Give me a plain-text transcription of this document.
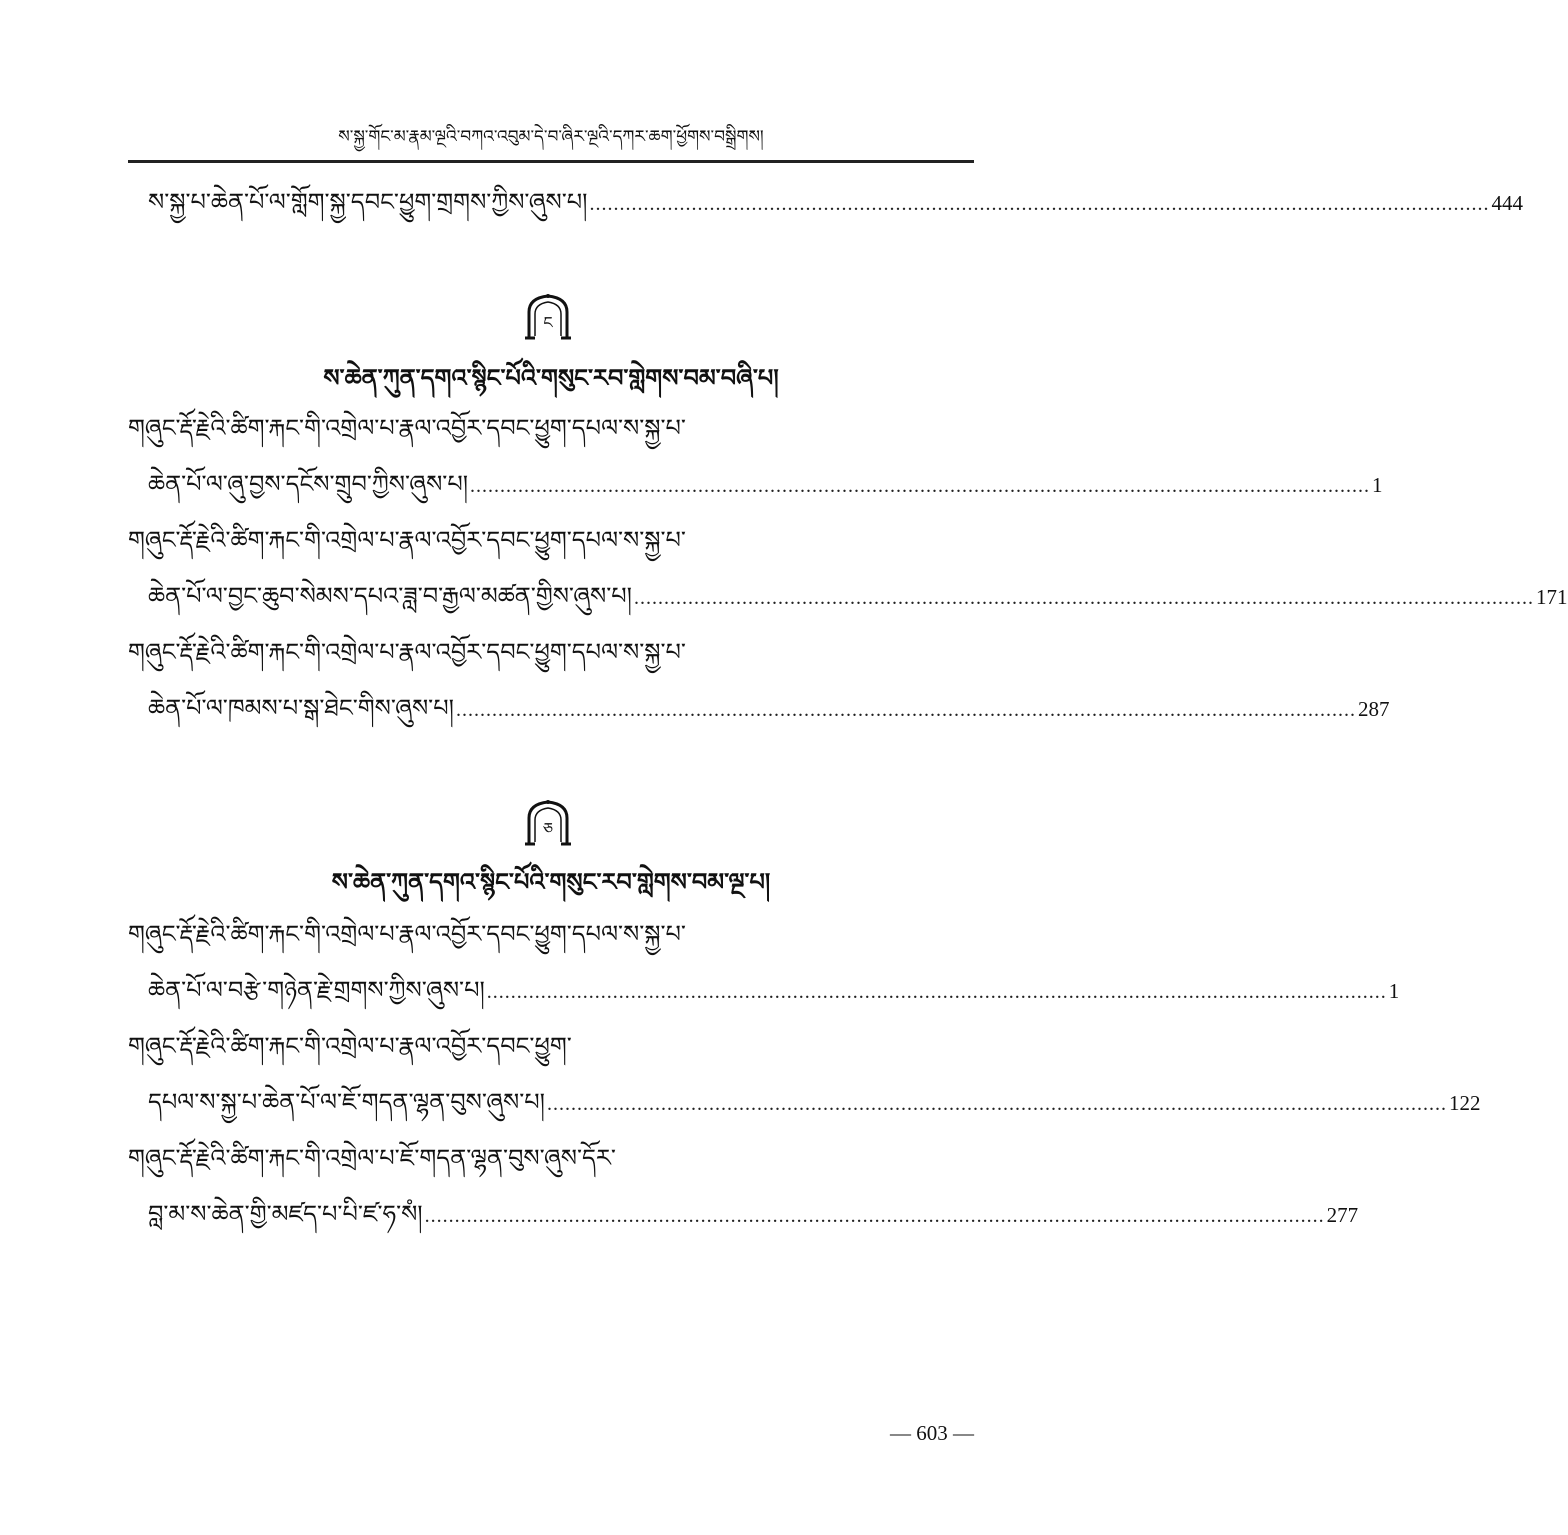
ས་སྐྱ་གོང་མ་རྣམ་ལྔའི་བཀའ་འབུམ་དེ་བ་ཞིར་ལྔའི་དཀར་ཆག་ཕྱོགས་བསྒྲིགས།
ས་སྐྱ་པ་ཆེན་པོ་ལ་གློག་སྐྱ་དབང་ཕྱུག་གྲགས་ཀྱིས་ཞུས་པ། ...................................................................................................................................................... 444
ང
ས་ཆེན་ཀུན་དགའ་སྙིང་པོའི་གསུང་རབ་གླེགས་བམ་བཞི་པ།
གཞུང་རྡོ་རྗེའི་ཚིག་རྐང་གི་འགྲེལ་པ་རྣལ་འབྱོར་དབང་ཕྱུག་དཔལ་ས་སྐྱ་པ་
ཆེན་པོ་ལ་ཞུ་བྱས་དངོས་གྲུབ་ཀྱིས་ཞུས་པ། ...................................................................................................................................................... 1
གཞུང་རྡོ་རྗེའི་ཚིག་རྐང་གི་འགྲེལ་པ་རྣལ་འབྱོར་དབང་ཕྱུག་དཔལ་ས་སྐྱ་པ་
ཆེན་པོ་ལ་བྱང་ཆུབ་སེམས་དཔའ་ཟླ་བ་རྒྱལ་མཚན་གྱིས་ཞུས་པ། ...................................................................................................................................................... 171
གཞུང་རྡོ་རྗེའི་ཚིག་རྐང་གི་འགྲེལ་པ་རྣལ་འབྱོར་དབང་ཕྱུག་དཔལ་ས་སྐྱ་པ་
ཆེན་པོ་ལ་ཁམས་པ་སྒ་ཐེང་གིས་ཞུས་པ། ...................................................................................................................................................... 287
ཅ
ས་ཆེན་ཀུན་དགའ་སྙིང་པོའི་གསུང་རབ་གླེགས་བམ་ལྔ་པ།
གཞུང་རྡོ་རྗེའི་ཚིག་རྐང་གི་འགྲེལ་པ་རྣལ་འབྱོར་དབང་ཕྱུག་དཔལ་ས་སྐྱ་པ་
ཆེན་པོ་ལ་བརྩེ་གཉེན་རྗེ་གྲགས་ཀྱིས་ཞུས་པ། ...................................................................................................................................................... 1
གཞུང་རྡོ་རྗེའི་ཚིག་རྐང་གི་འགྲེལ་པ་རྣལ་འབྱོར་དབང་ཕྱུག་
དཔལ་ས་སྐྱ་པ་ཆེན་པོ་ལ་ཇོ་གདན་ལྷན་བུས་ཞུས་པ། ...................................................................................................................................................... 122
གཞུང་རྡོ་རྗེའི་ཚིག་རྐང་གི་འགྲེལ་པ་ཇོ་གདན་ལྷན་བུས་ཞུས་དོར་
བླ་མ་ས་ཆེན་གྱི་མཛད་པ་པི་ཛ་ཧ་སཾ། ...................................................................................................................................................... 277
— 603 —
